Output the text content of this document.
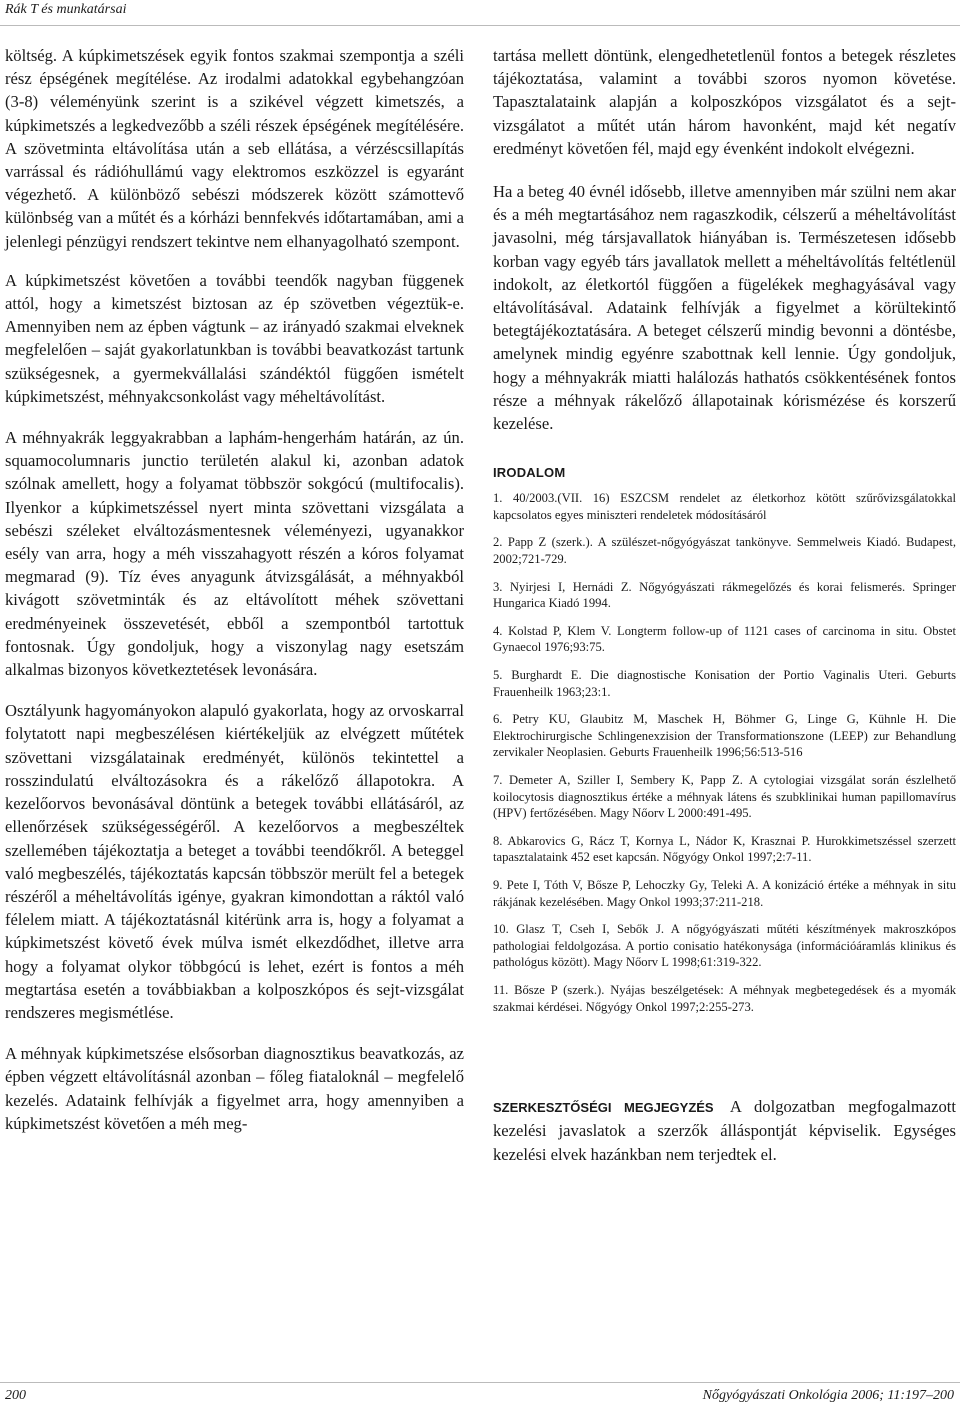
Rák T és munkatársai

költség. A kúpkimetszések egyik fontos szakmai szempontja a széli rész épségének megítélése. Az irodalmi adatokkal egybehangzóan (3-8) véleményünk szerint is a szikével végzett kimetszés, a kúpkimetszés a legkedvezőbb a széli részek épségének megítélésére. A szövetminta eltávolítása után a seb ellátása, a vérzéscsillapítás varrással és rádióhullámú vagy elektromos eszközzel is egyaránt végezhető. A különböző sebészi módszerek között számottevő különbség van a műtét és a kórházi bennfekvés időtartamában, ami a jelenlegi pénzügyi rendszert tekintve nem elhanyagolható szempont.

A kúpkimetszést követően a további teendők nagyban függenek attól, hogy a kimetszést biztosan az ép szövetben végeztük-e. Amennyiben nem az épben vágtunk – az irányadó szakmai elveknek megfelelően – saját gyakorlatunkban is további beavatkozást tartunk szükségesnek, a gyermekvállalási szándéktól függően ismételt kúpkimetszést, méhnyakcsonkolást vagy méheltávolítást.

A méhnyakrák leggyakrabban a laphám-hengerhám határán, az ún. squamocolumnaris junctio területén alakul ki, azonban adatok szólnak amellett, hogy a folyamat többször sokgócú (multifocalis). Ilyenkor a kúpkimetszéssel nyert minta szövettani vizsgálata a sebészi széleket elváltozásmentesnek véleményezi, ugyanakkor esély van arra, hogy a méh visszahagyott részén a kóros folyamat megmarad (9). Tíz éves anyagunk átvizsgálását, a méhnyakból kivágott szövetminták és az eltávolított méhek szövettani eredményeinek összevetését, ebből a szempontból tartottuk fontosnak. Úgy gondoljuk, hogy a viszonylag nagy esetszám alkalmas bizonyos következtetések levonására.

Osztályunk hagyományokon alapuló gyakorlata, hogy az orvoskarral folytatott napi megbeszélésen kiértékeljük az elvégzett műtétek szövettani vizsgálatainak eredményét, különös tekintettel a rosszindulatú elváltozásokra és a rákelőző állapotokra. A kezelőorvos bevonásával döntünk a betegek további ellátásáról, az ellenőrzések szükségességéről. A kezelőorvos a megbeszéltek szellemében tájékoztatja a beteget a további teendőkről. A beteggel való megbeszélés, tájékoztatás kapcsán többször merült fel a betegek részéről a méheltávolítás igénye, gyakran kimondottan a ráktól való félelem miatt. A tájékoztatásnál kitérünk arra is, hogy a folyamat a kúpkimetszést követő évek múlva ismét elkezdődhet, illetve arra hogy a folyamat olykor többgócú is lehet, ezért is fontos a méh megtartása esetén a továbbiakban a kolposzkópos és sejt-vizsgálat rendszeres megismétlése.

A méhnyak kúpkimetszése elsősorban diagnosztikus beavatkozás, az épben végzett eltávolításnál azonban – főleg fiataloknál – megfelelő kezelés. Adataink felhívják a figyelmet arra, hogy amennyiben a kúpkimetszést követően a méh meg-

tartása mellett döntünk, elengedhetetlenül fontos a betegek részletes tájékoztatása, valamint a további szoros nyomon követése. Tapasztalataink alapján a kolposzkópos vizsgálatot és a sejt-vizsgálatot a műtét után három havonként, majd két negatív eredményt követően fél, majd egy évenként indokolt elvégezni.

Ha a beteg 40 évnél idősebb, illetve amennyiben már szülni nem akar és a méh megtartásához nem ragaszkodik, célszerű a méheltávolítást javasolni, még társjavallatok hiányában is. Természetesen idősebb korban vagy egyéb társ javallatok mellett a méheltávolítás feltétlenül indokolt, az életkortól függően a fügelékek meghagyásával vagy eltávolításával. Adataink felhívják a figyelmet a körültekintő betegtájékoztatására. A beteget célszerű mindig bevonni a döntésbe, amelynek mindig egyénre szabottnak kell lennie. Úgy gondoljuk, hogy a méhnyakrák miatti halálozás hathatós csökkentésének fontos része a méhnyak rákelőző állapotainak kórismézése és korszerű kezelése.

IRODALOM
1. 40/2003.(VII. 16) ESZCSM rendelet az életkorhoz kötött szűrővizsgálatokkal kapcsolatos egyes miniszteri rendeletek módosításáról
2. Papp Z (szerk.). A szülészet-nőgyógyászat tankönyve. Semmelweis Kiadó. Budapest, 2002;721-729.
3. Nyirjesi I, Hernádi Z. Nőgyógyászati rákmegelőzés és korai felismerés. Springer Hungarica Kiadó 1994.
4. Kolstad P, Klem V. Longterm follow-up of 1121 cases of carcinoma in situ. Obstet Gynaecol 1976;93:75.
5. Burghardt E. Die diagnostische Konisation der Portio Vaginalis Uteri. Geburts Frauenheilk 1963;23:1.
6. Petry KU, Glaubitz M, Maschek H, Böhmer G, Linge G, Kühnle H. Die Elektrochirurgische Schlingenexzision der Transformationszone (LEEP) zur Behandlung zervikaler Neoplasien. Geburts Frauenheilk 1996;56:513-516
7. Demeter A, Sziller I, Sembery K, Papp Z. A cytologiai vizsgálat során észlelhető koilocytosis diagnosztikus értéke a méhnyak látens és szubklinikai human papillomavírus (HPV) fertőzésében. Magy Nőorv L 2000:491-495.
8. Abkarovics G, Rácz T, Kornya L, Nádor K, Krasznai P. Hurokkimetszéssel szerzett tapasztalataink 452 eset kapcsán. Nőgyógy Onkol 1997;2:7-11.
9. Pete I, Tóth V, Bősze P, Lehoczky Gy, Teleki A. A konizáció értéke a méhnyak in situ rákjának kezelésében. Magy Onkol 1993;37:211-218.
10. Glasz T, Cseh I, Sebők J. A nőgyógyászati műtéti készítmények makroszkópos pathologiai feldolgozása. A portio conisatio hatékonysága (információáramlás klinikus és pathológus között). Magy Nőorv L 1998;61:319-322.
11. Bősze P (szerk.). Nyájas beszélgetések: A méhnyak megbetegedések és a myomák szakmai kérdései. Nőgyógy Onkol 1997;2:255-273.

SZERKESZTŐSÉGI MEGJEGYZÉS A dolgozatban megfogalmazott kezelési javaslatok a szerzők álláspontját képviselik. Egységes kezelési elvek hazánkban nem terjedtek el.

200	Nőgyógyászati Onkológia 2006; 11:197–200
